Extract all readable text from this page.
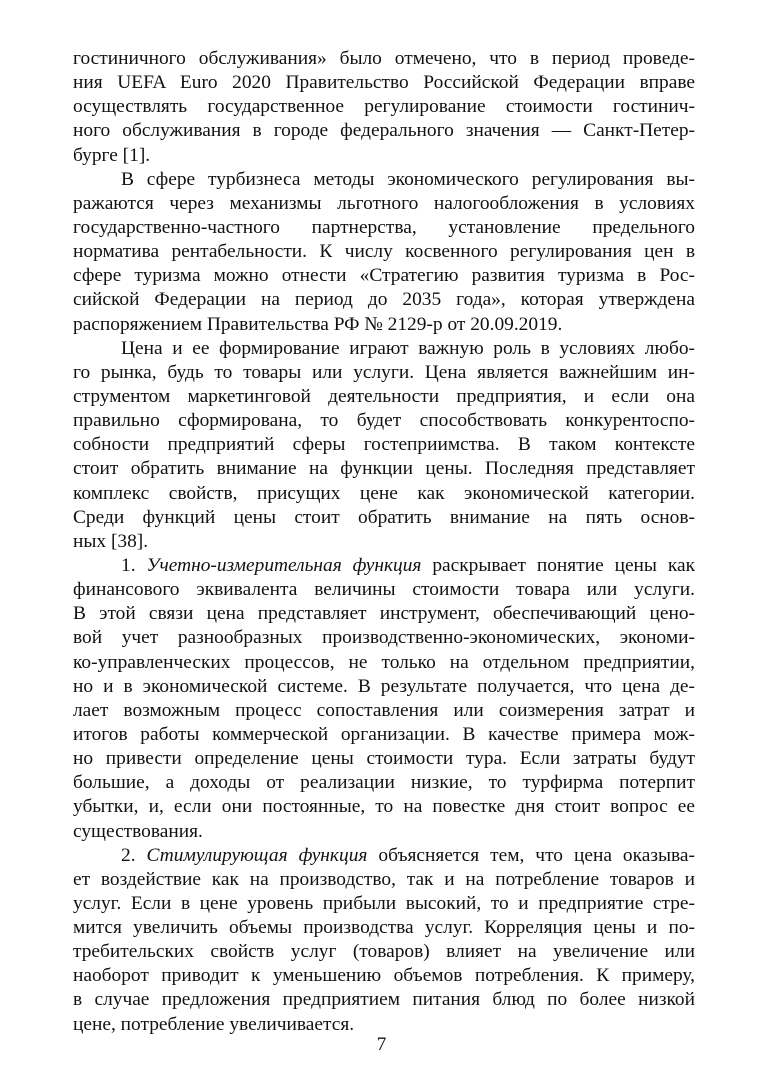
гостиничного обслуживания» было отмечено, что в период проведе-
ния UEFA Euro 2020 Правительство Российской Федерации вправе
осуществлять государственное регулирование стоимости гостинич-
ного обслуживания в городе федерального значения — Санкт-Петер-
бурге [1].
В сфере турбизнеса методы экономического регулирования вы-
ражаются через механизмы льготного налогообложения в условиях
государственно-частного партнерства, установление предельного
норматива рентабельности. К числу косвенного регулирования цен в
сфере туризма можно отнести «Стратегию развития туризма в Рос-
сийской Федерации на период до 2035 года», которая утверждена
распоряжением Правительства РФ № 2129-р от 20.09.2019.
Цена и ее формирование играют важную роль в условиях любо-
го рынка, будь то товары или услуги. Цена является важнейшим ин-
струментом маркетинговой деятельности предприятия, и если она
правильно сформирована, то будет способствовать конкурентоспо-
собности предприятий сферы гостеприимства. В таком контексте
стоит обратить внимание на функции цены. Последняя представляет
комплекс свойств, присущих цене как экономической категории.
Среди функций цены стоит обратить внимание на пять основ-
ных [38].
1. Учетно-измерительная функция раскрывает понятие цены как
финансового эквивалента величины стоимости товара или услуги.
В этой связи цена представляет инструмент, обеспечивающий цено-
вой учет разнообразных производственно-экономических, экономи-
ко-управленческих процессов, не только на отдельном предприятии,
но и в экономической системе. В результате получается, что цена де-
лает возможным процесс сопоставления или соизмерения затрат и
итогов работы коммерческой организации. В качестве примера мож-
но привести определение цены стоимости тура. Если затраты будут
большие, а доходы от реализации низкие, то турфирма потерпит
убытки, и, если они постоянные, то на повестке дня стоит вопрос ее
существования.
2. Стимулирующая функция объясняется тем, что цена оказыва-
ет воздействие как на производство, так и на потребление товаров и
услуг. Если в цене уровень прибыли высокий, то и предприятие стре-
мится увеличить объемы производства услуг. Корреляция цены и по-
требительских свойств услуг (товаров) влияет на увеличение или
наоборот приводит к уменьшению объемов потребления. К примеру,
в случае предложения предприятием питания блюд по более низкой
цене, потребление увеличивается.
7
